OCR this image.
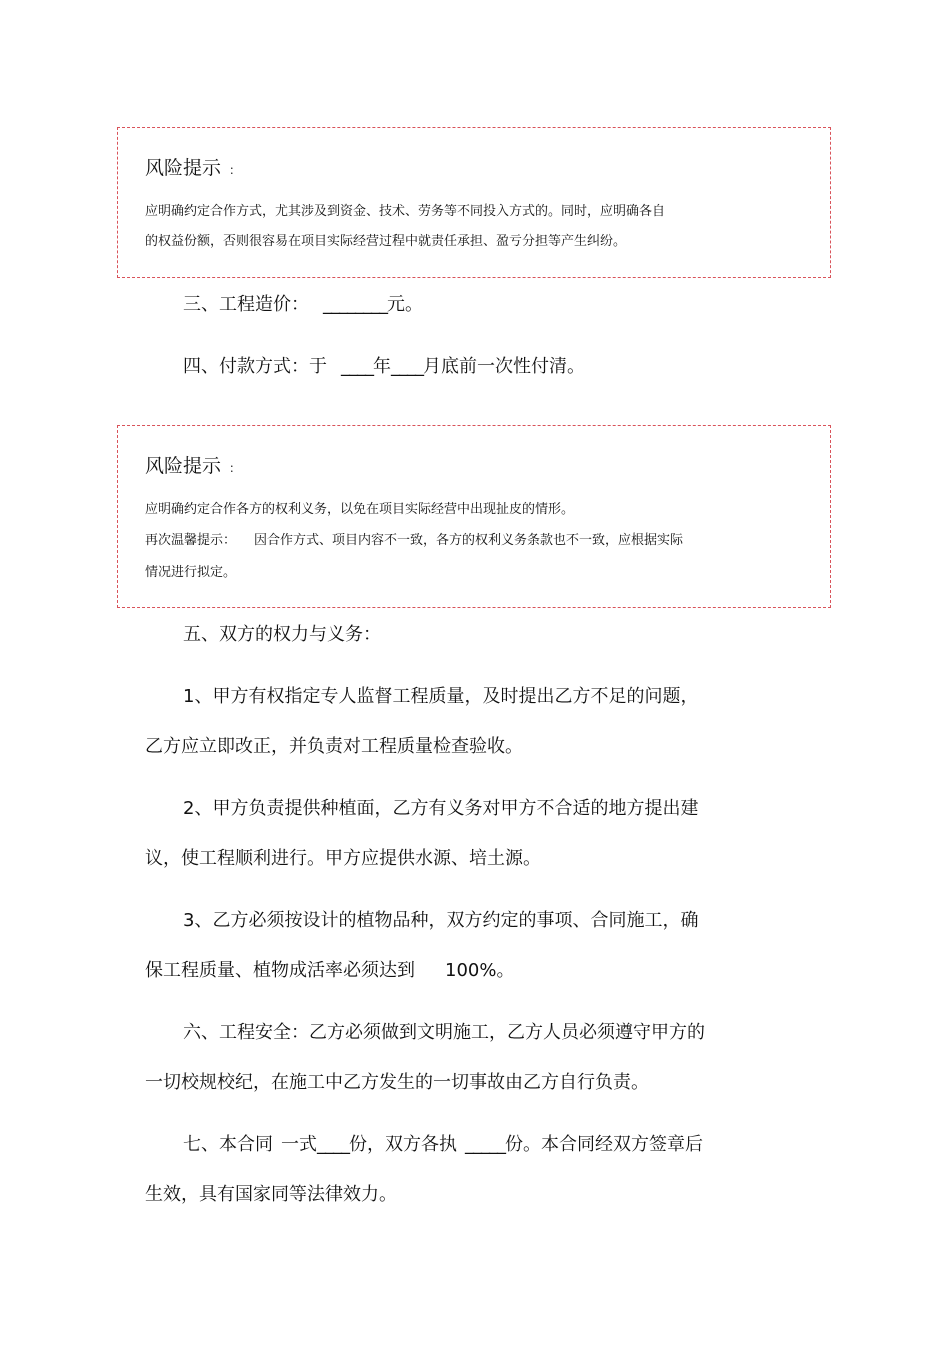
风险提示 ：
应明确约定合作方式，尤其涉及到资金、技术、劳务等不同投入方式的。同时，应明确各自
的权益份额，否则很容易在项目实际经营过程中就责任承担、盈亏分担等产生纠纷。
三、工程造价： ________元。
四、付款方式：于 ____年____月底前一次性付清。
风险提示 ：
应明确约定合作各方的权利义务，以免在项目实际经营中出现扯皮的情形。
再次温馨提示： 因合作方式、项目内容不一致，各方的权利义务条款也不一致，应根据实际
情况进行拟定。
五、双方的权力与义务：
1、甲方有权指定专人监督工程质量，及时提出乙方不足的问题，
乙方应立即改正，并负责对工程质量检查验收。
2、甲方负责提供种植面，乙方有义务对甲方不合适的地方提出建
议，使工程顺利进行。甲方应提供水源、培土源。
3、乙方必须按设计的植物品种，双方约定的事项、合同施工，确
保工程质量、植物成活率必须达到 100%。
六、工程安全：乙方必须做到文明施工，乙方人员必须遵守甲方的
一切校规校纪，在施工中乙方发生的一切事故由乙方自行负责。
七、本合同 一式____份，双方各执 _____份。本合同经双方签章后
生效，具有国家同等法律效力。
